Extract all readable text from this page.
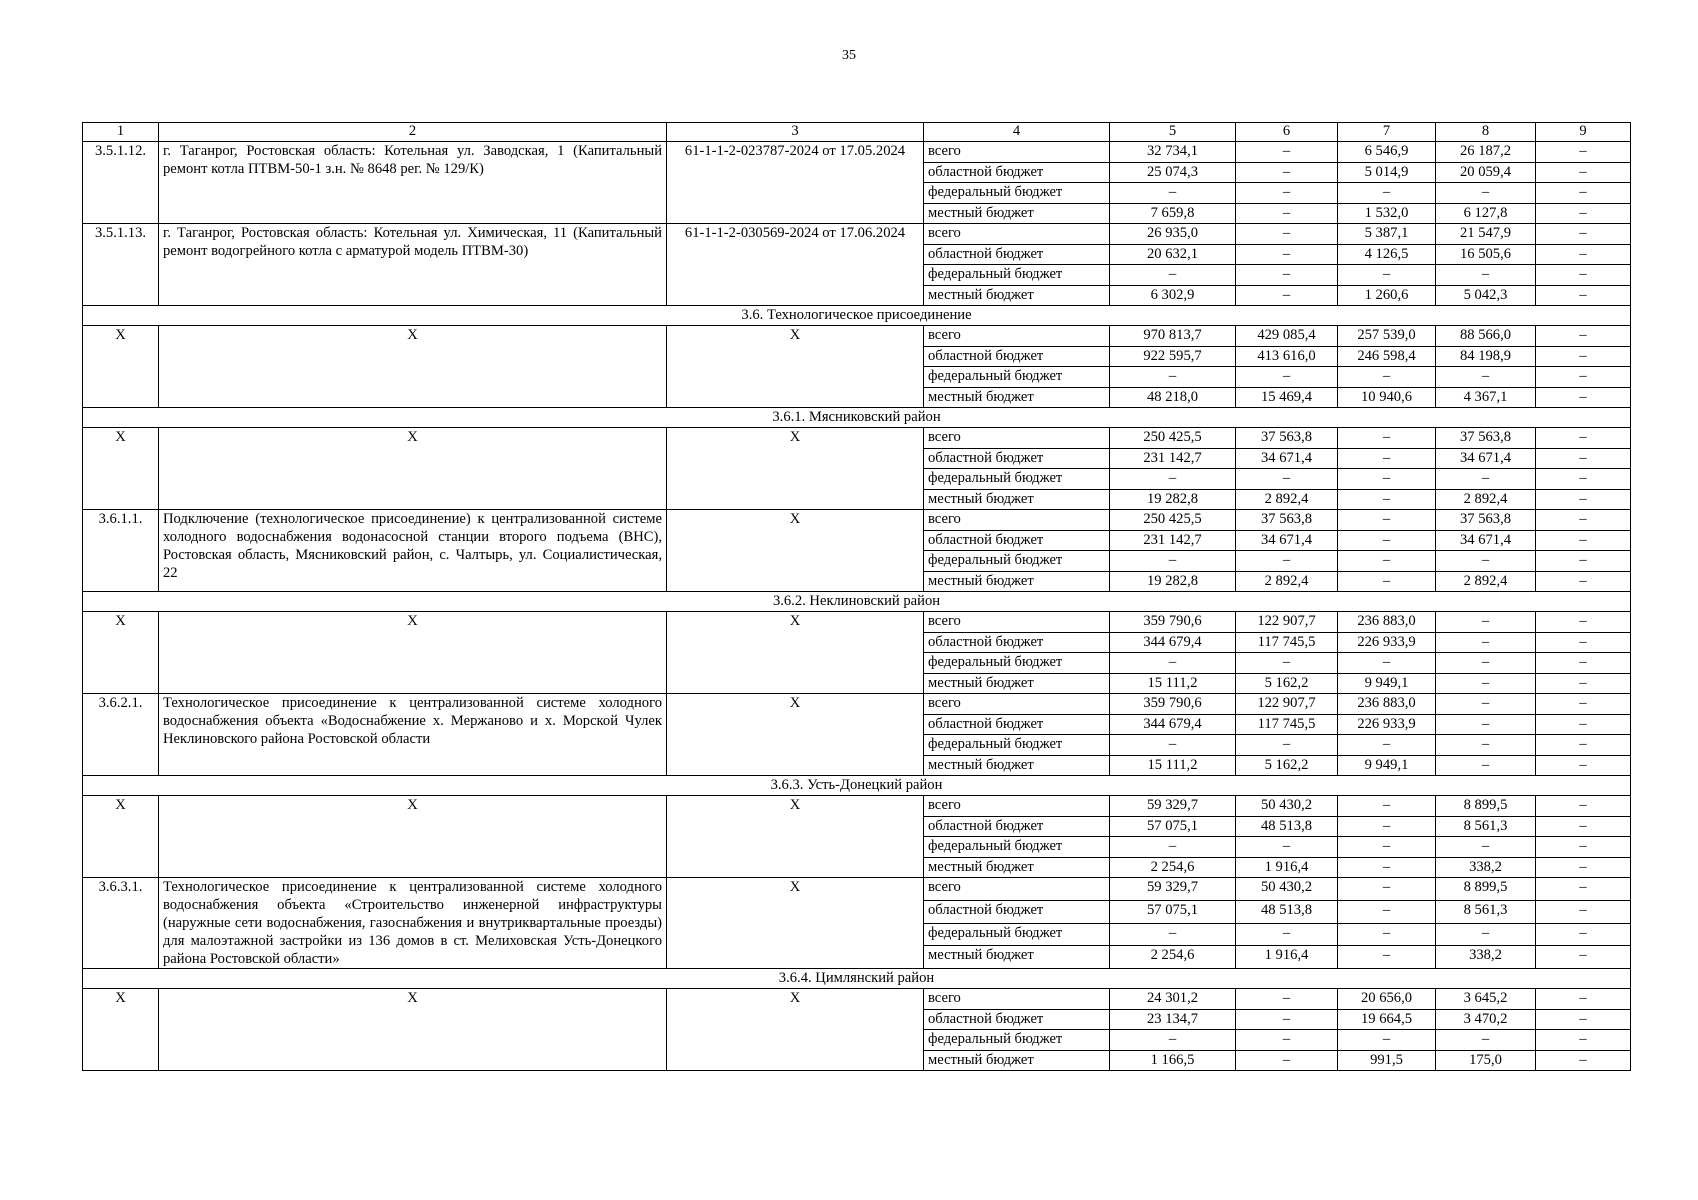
35
1	2	3	4	5	6	7	8	9
3.5.1.12.	г. Таганрог, Ростовская область: Котельная ул. Заводская, 1 (Капитальный ремонт котла ПТВМ-50-1 з.н. № 8648 рег. № 129/К)	61-1-1-2-023787-2024 от 17.05.2024	всего	32 734,1	–	6 546,9	26 187,2	–
			областной бюджет	25 074,3	–	5 014,9	20 059,4	–
			федеральный бюджет	–	–	–	–	–
			местный бюджет	7 659,8	–	1 532,0	6 127,8	–
3.5.1.13.	г. Таганрог, Ростовская область: Котельная ул. Химическая, 11 (Капитальный ремонт водогрейного котла с арматурой модель ПТВМ-30)	61-1-1-2-030569-2024 от 17.06.2024	всего	26 935,0	–	5 387,1	21 547,9	–
			областной бюджет	20 632,1	–	4 126,5	16 505,6	–
			федеральный бюджет	–	–	–	–	–
			местный бюджет	6 302,9	–	1 260,6	5 042,3	–
3.6. Технологическое присоединение								
Х	Х	Х	всего	970 813,7	429 085,4	257 539,0	88 566,0	–
			областной бюджет	922 595,7	413 616,0	246 598,4	84 198,9	–
			федеральный бюджет	–	–	–	–	–
			местный бюджет	48 218,0	15 469,4	10 940,6	4 367,1	–
3.6.1. Мясниковский район								
Х	Х	Х	всего	250 425,5	37 563,8	–	37 563,8	–
			областной бюджет	231 142,7	34 671,4	–	34 671,4	–
			федеральный бюджет	–	–	–	–	–
			местный бюджет	19 282,8	2 892,4	–	2 892,4	–
3.6.1.1.	Подключение (технологическое присоединение) к централизованной системе холодного водоснабжения водонасосной станции второго подъема (ВНС), Ростовская область, Мясниковский район, с. Чалтырь, ул. Социалистическая, 22	Х	всего	250 425,5	37 563,8	–	37 563,8	–
			областной бюджет	231 142,7	34 671,4	–	34 671,4	–
			федеральный бюджет	–	–	–	–	–
			местный бюджет	19 282,8	2 892,4	–	2 892,4	–
3.6.2. Неклиновский район								
Х	Х	Х	всего	359 790,6	122 907,7	236 883,0	–	–
			областной бюджет	344 679,4	117 745,5	226 933,9	–	–
			федеральный бюджет	–	–	–	–	–
			местный бюджет	15 111,2	5 162,2	9 949,1	–	–
3.6.2.1.	Технологическое присоединение к централизованной системе холодного водоснабжения объекта «Водоснабжение х. Мержаново и х. Морской Чулек Неклиновского района Ростовской области	Х	всего	359 790,6	122 907,7	236 883,0	–	–
			областной бюджет	344 679,4	117 745,5	226 933,9	–	–
			федеральный бюджет	–	–	–	–	–
			местный бюджет	15 111,2	5 162,2	9 949,1	–	–
3.6.3. Усть-Донецкий район								
Х	Х	Х	всего	59 329,7	50 430,2	–	8 899,5	–
			областной бюджет	57 075,1	48 513,8	–	8 561,3	–
			федеральный бюджет	–	–	–	–	–
			местный бюджет	2 254,6	1 916,4	–	338,2	–
3.6.3.1.	Технологическое присоединение к централизованной системе холодного водоснабжения объекта «Строительство инженерной инфраструктуры (наружные сети водоснабжения, газоснабжения и внутриквартальные проезды) для малоэтажной застройки из 136 домов в ст. Мелиховская Усть-Донецкого района Ростовской области»	Х	всего	59 329,7	50 430,2	–	8 899,5	–
			областной бюджет	57 075,1	48 513,8	–	8 561,3	–
			федеральный бюджет	–	–	–	–	–
			местный бюджет	2 254,6	1 916,4	–	338,2	–
3.6.4. Цимлянский район								
Х	Х	Х	всего	24 301,2	–	20 656,0	3 645,2	–
			областной бюджет	23 134,7	–	19 664,5	3 470,2	–
			федеральный бюджет	–	–	–	–	–
			местный бюджет	1 166,5	–	991,5	175,0	–
